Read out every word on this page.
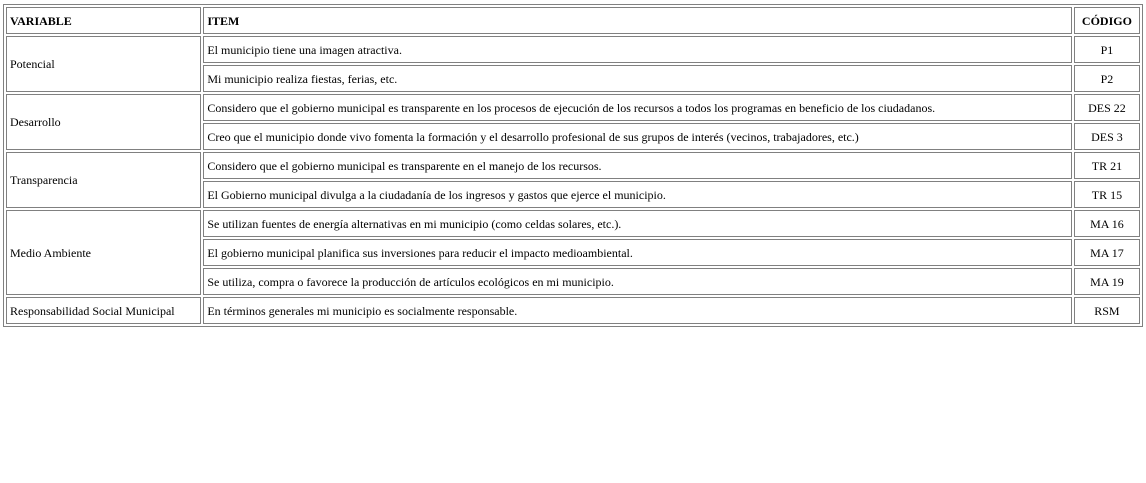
VARIABLE	ITEM	CÓDIGO
Potencial	El municipio tiene una imagen atractiva.	P1
	Mi municipio realiza fiestas, ferias, etc.	P2
Desarrollo	Considero que el gobierno municipal es transparente en los procesos de ejecución de los recursos a todos los programas en beneficio de los ciudadanos.	DES 22
	Creo que el municipio donde vivo fomenta la formación y el desarrollo profesional de sus grupos de interés (vecinos, trabajadores, etc.)	DES 3
Transparencia	Considero que el gobierno municipal es transparente en el manejo de los recursos.	TR 21
	El Gobierno municipal divulga a la ciudadanía de los ingresos y gastos que ejerce el municipio.	TR 15
Medio Ambiente	Se utilizan fuentes de energía alternativas en mi municipio (como celdas solares, etc.).	MA 16
	El gobierno municipal planifica sus inversiones para reducir el impacto medioambiental.	MA 17
	Se utiliza, compra o favorece la producción de artículos ecológicos en mi municipio.	MA 19
Responsabilidad Social Municipal	En términos generales mi municipio es socialmente responsable.	RSM
